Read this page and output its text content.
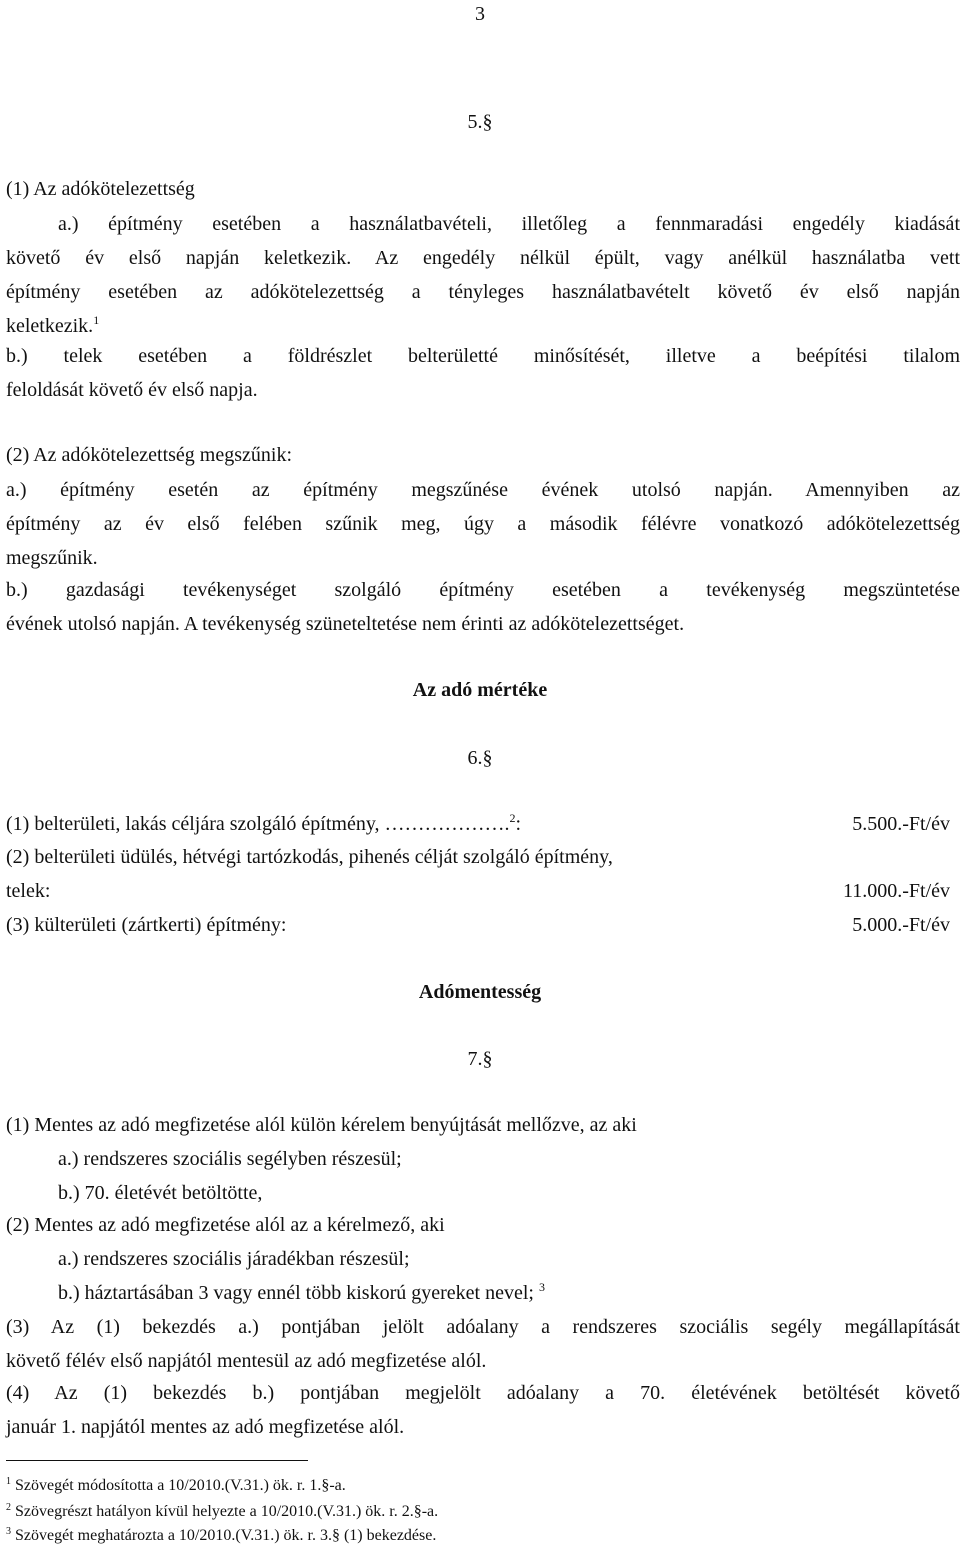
3
5.§
(1) Az adókötelezettség
a.) építmény esetében a használatbavételi, illetőleg a fennmaradási engedély kiadását
követő év első napján keletkezik. Az engedély nélkül épült, vagy anélkül használatba vett
építmény esetében az adókötelezettség a tényleges használatbavételt követő év első napján
keletkezik.$^1$
b.) telek esetében a földrészlet belterületté minősítését, illetve a beépítési tilalom
feloldását követő év első napja.
(2) Az adókötelezettség megszűnik:
a.) építmény esetén az építmény megszűnése évének utolsó napján. Amennyiben az
építmény az év első felében szűnik meg, úgy a második félévre vonatkozó adókötelezettség
megszűnik.
b.) gazdasági tevékenységet szolgáló építmény esetében a tevékenység megszüntetése
évének utolsó napján. A tevékenység szüneteltetése nem érinti az adókötelezettséget.
Az adó mértéke
6.§
(1) belterületi, lakás céljára szolgáló építmény, ……………….$^2$:	5.500.-Ft/év
(2) belterületi üdülés, hétvégi tartózkodás, pihenés célját szolgáló építmény,
telek:	11.000.-Ft/év
(3) külterületi (zártkerti) építmény:	5.000.-Ft/év
Adómentesség
7.§
(1) Mentes az adó megfizetése alól külön kérelem benyújtását mellőzve, az aki
a.) rendszeres szociális segélyben részesül;
b.) 70. életévét betöltötte,
(2) Mentes az adó megfizetése alól az a kérelmező, aki
a.) rendszeres szociális járadékban részesül;
b.) háztartásában 3 vagy ennél több kiskorú gyereket nevel; $^3$
(3) Az (1) bekezdés a.) pontjában jelölt adóalany a rendszeres szociális segély megállapítását
követő félév első napjától mentesül az adó megfizetése alól.
(4) Az (1) bekezdés b.) pontjában megjelölt adóalany a 70. életévének betöltését követő
január 1. napjától mentes az adó megfizetése alól.
$^1$ Szövegét módosította a 10/2010.(V.31.) ök. r. 1.§-a.
$^2$ Szövegrészt hatályon kívül helyezte a 10/2010.(V.31.) ök. r. 2.§-a.
$^3$ Szövegét meghatározta a 10/2010.(V.31.) ök. r. 3.§ (1) bekezdése.
